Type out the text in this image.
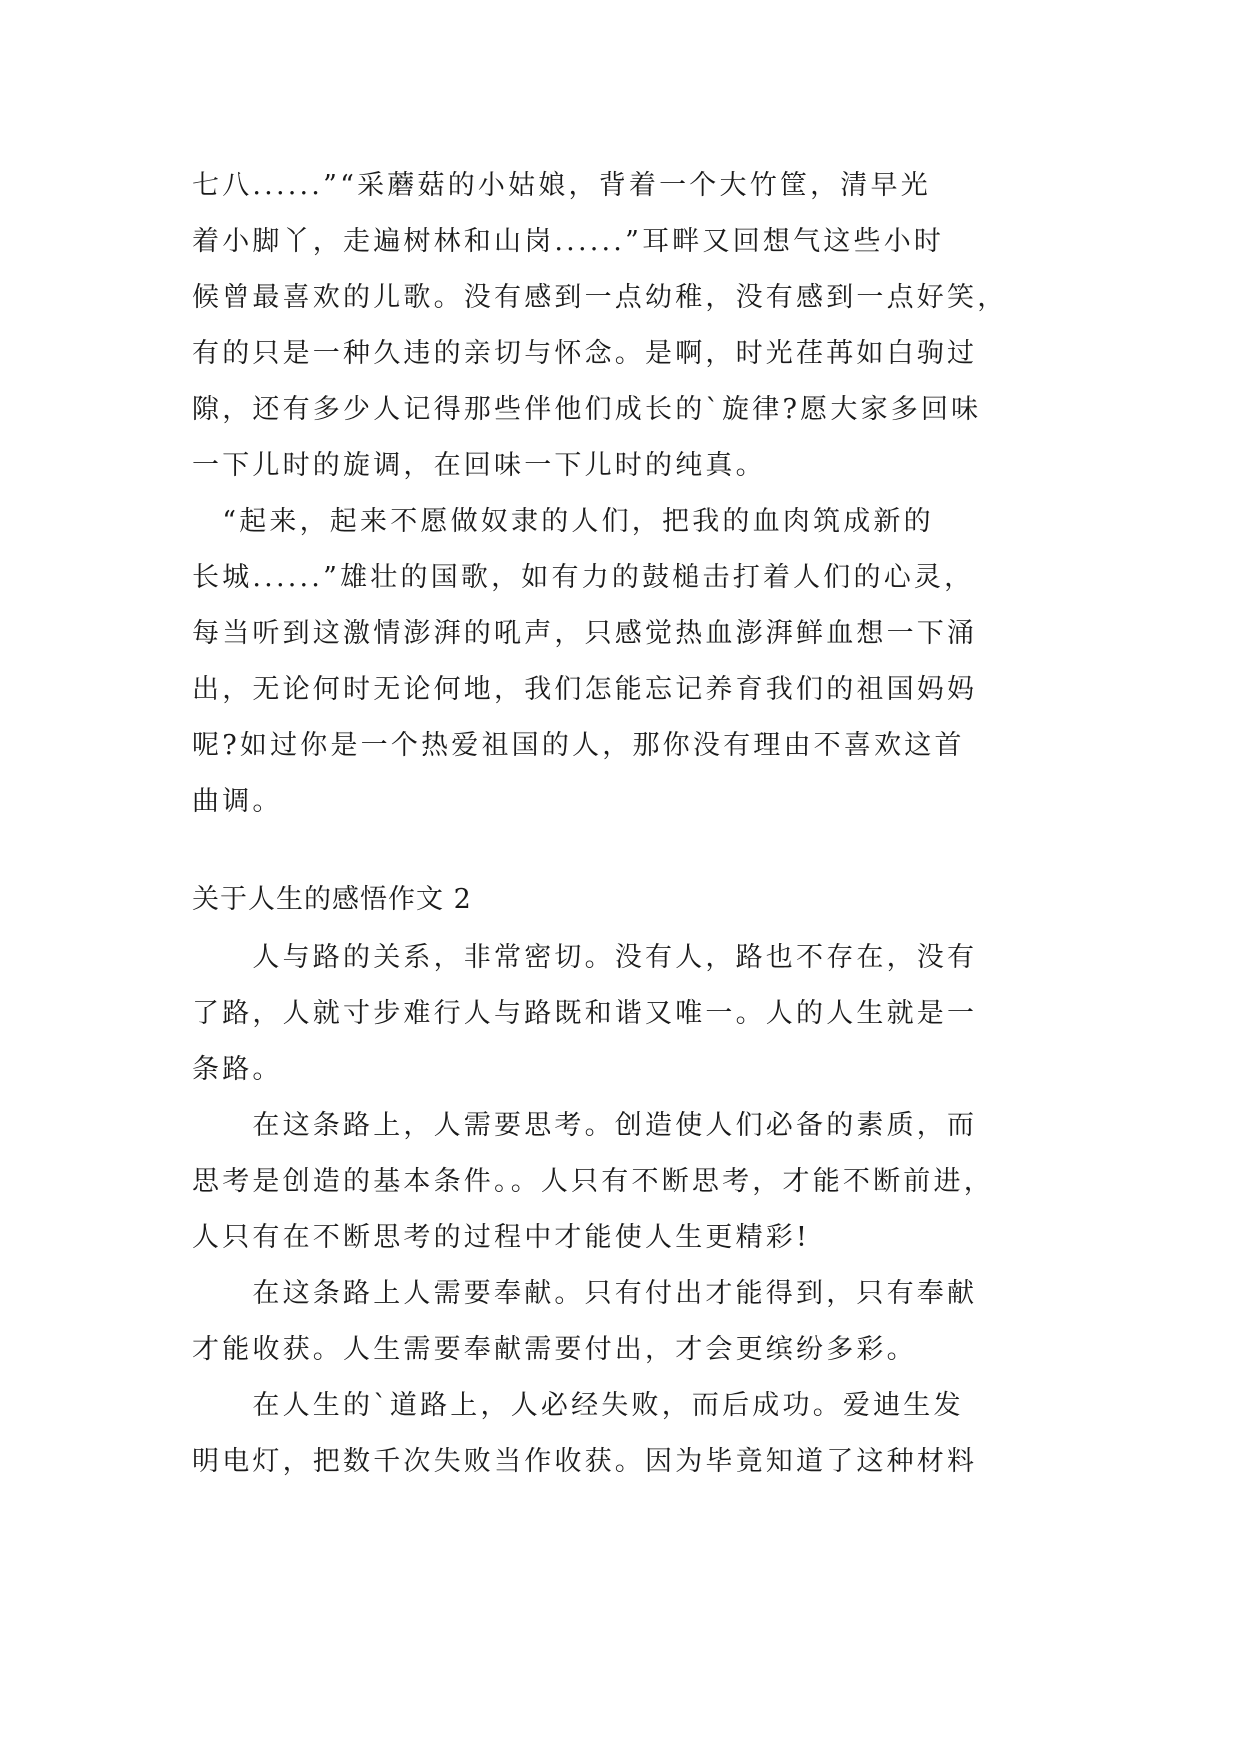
七八......”“采蘑菇的小姑娘，背着一个大竹筐，清早光
着小脚丫，走遍树林和山岗......”耳畔又回想气这些小时
候曾最喜欢的儿歌。没有感到一点幼稚，没有感到一点好笑，
有的只是一种久违的亲切与怀念。是啊，时光荏苒如白驹过
隙，还有多少人记得那些伴他们成长的`旋律?愿大家多回味
一下儿时的旋调，在回味一下儿时的纯真。
　“起来，起来不愿做奴隶的人们，把我的血肉筑成新的
长城......”雄壮的国歌，如有力的鼓槌击打着人们的心灵，
每当听到这激情澎湃的吼声，只感觉热血澎湃鲜血想一下涌
出，无论何时无论何地，我们怎能忘记养育我们的祖国妈妈
呢?如过你是一个热爱祖国的人，那你没有理由不喜欢这首
曲调。
关于人生的感悟作文 2
　　人与路的关系，非常密切。没有人，路也不存在，没有
了路，人就寸步难行人与路既和谐又唯一。人的人生就是一
条路。
　　在这条路上，人需要思考。创造使人们必备的素质，而
思考是创造的基本条件。。人只有不断思考，才能不断前进，
人只有在不断思考的过程中才能使人生更精彩!
　　在这条路上人需要奉献。只有付出才能得到，只有奉献
才能收获。人生需要奉献需要付出，才会更缤纷多彩。
　　在人生的`道路上，人必经失败，而后成功。爱迪生发
明电灯，把数千次失败当作收获。因为毕竟知道了这种材料
